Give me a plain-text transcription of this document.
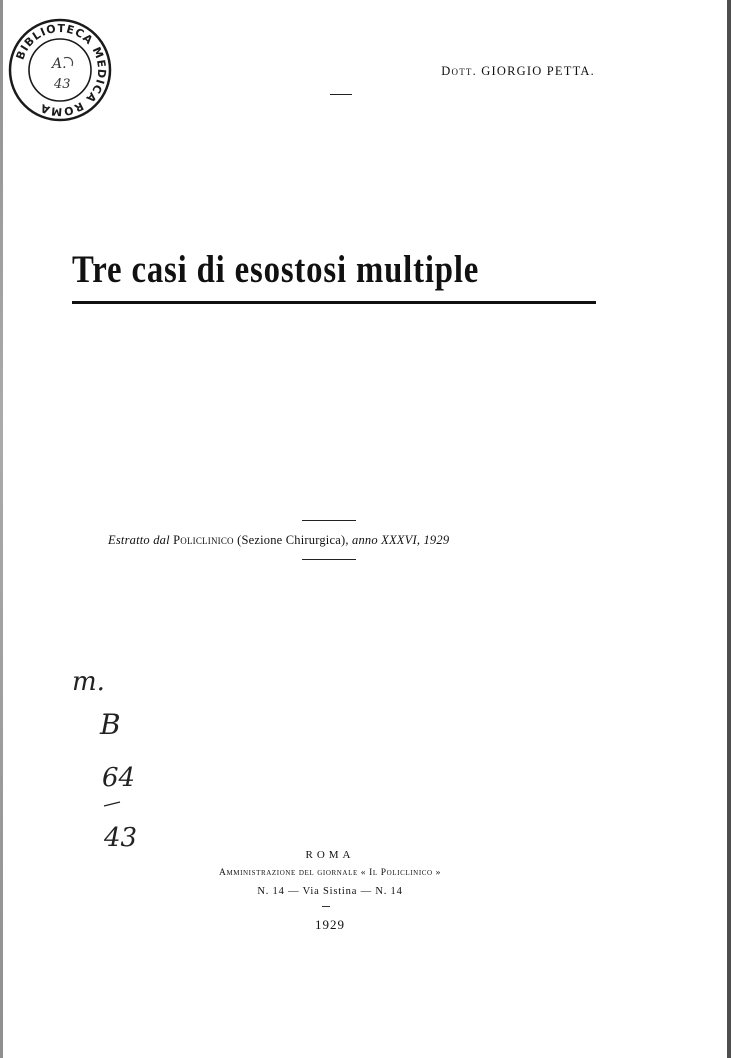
BIBLIOTECA MEDICA ROMA
A.
43
Dott. GIORGIO PETTA.
Tre casi di esostosi multiple
Estratto dal Policlinico (Sezione Chirurgica), anno XXXVI, 1929
m.
B
64
43
ROMA
Amministrazione del giornale « Il Policlinico »
N. 14 — Via Sistina — N. 14
1929
